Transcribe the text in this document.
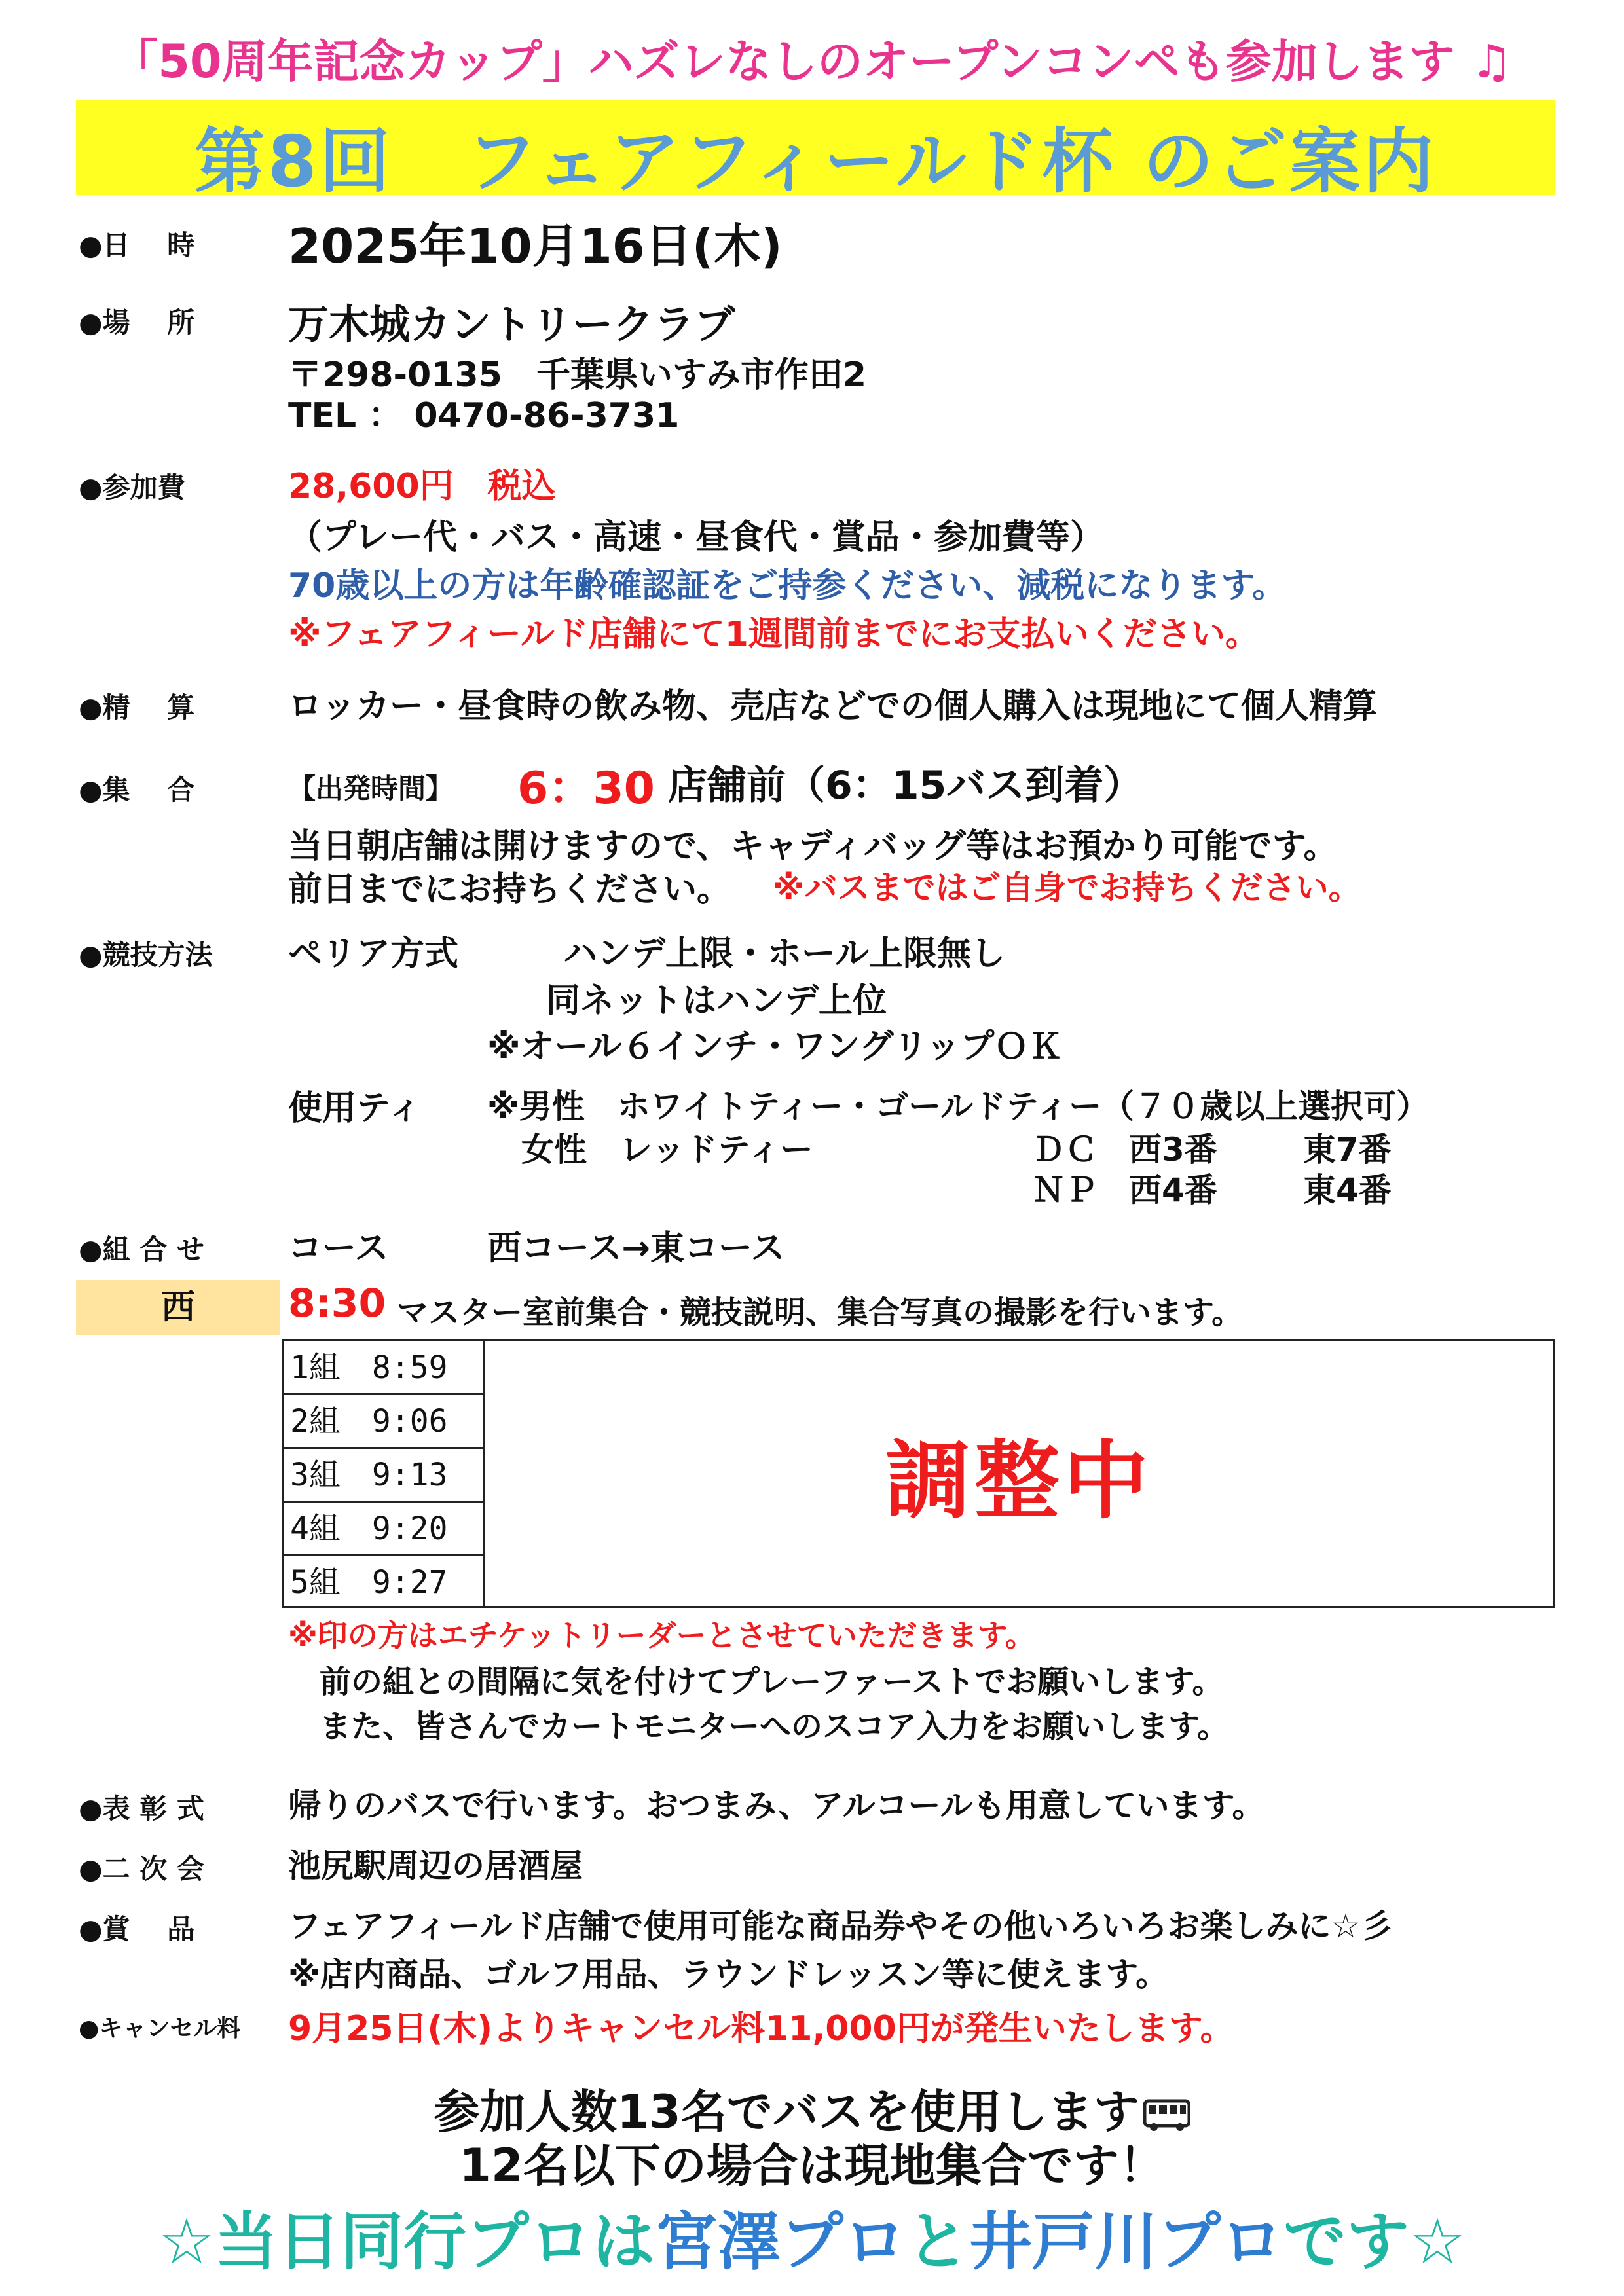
「50周年記念カップ」ハズレなしのオープンコンペも参加します ♫
第8回　フェアフィールド杯 のご案内
●日　 時 2025年10月16日(木)
●場　 所 万木城カントリークラブ
〒298-0135　千葉県いすみ市作田2
TEL ： 0470-86-3731
●参加費	28,600円　税込
（プレー代・バス・高速・昼食代・賞品・参加費等）
70歳以上の方は年齢確認証をご持参ください、減税になります。
※フェアフィールド店舗にて1週間前までにお支払いください。
●精　 算	ロッカー・昼食時の飲み物、売店などでの個人購入は現地にて個人精算
●集　 合	【出発時間】 6：30 店舗前（6：15バス到着）
当日朝店舗は開けますので、キャディバッグ等はお預かり可能です。
前日までにお持ちください。 ※バスまではご自身でお持ちください。
●競技方法 ペリア方式	ハンデ上限・ホール上限無し
同ネットはハンデ上位
※オール６インチ・ワングリップＯＫ
使用ティ ※男性　ホワイトティー・ゴールドティー（７０歳以上選択可）
女性　レッドティー	ＤＣ 西3番	東7番
ＮＰ 西4番	東4番
●組 合 せ コース	西コース→東コース
西	8:30 マスター室前集合・競技説明、集合写真の撮影を行います。
1組　8:59
2組　9:06
3組　9:13
4組　9:20
5組　9:27
調整中
※印の方はエチケットリーダーとさせていただきます。
前の組との間隔に気を付けてプレーファーストでお願いします。
また、皆さんでカートモニターへのスコア入力をお願いします。
●表 彰 式	帰りのバスで行います。おつまみ、アルコールも用意しています。
●二 次 会	池尻駅周辺の居酒屋
●賞　 品	フェアフィールド店舗で使用可能な商品券やその他いろいろお楽しみに☆彡
※店内商品、ゴルフ用品、ラウンドレッスン等に使えます。
●キャンセル料 9月25日(木)よりキャンセル料11,000円が発生いたします。
参加人数13名でバスを使用します
12名以下の場合は現地集合です！
☆当日同行プロは宮澤プロと井戸川プロです☆
